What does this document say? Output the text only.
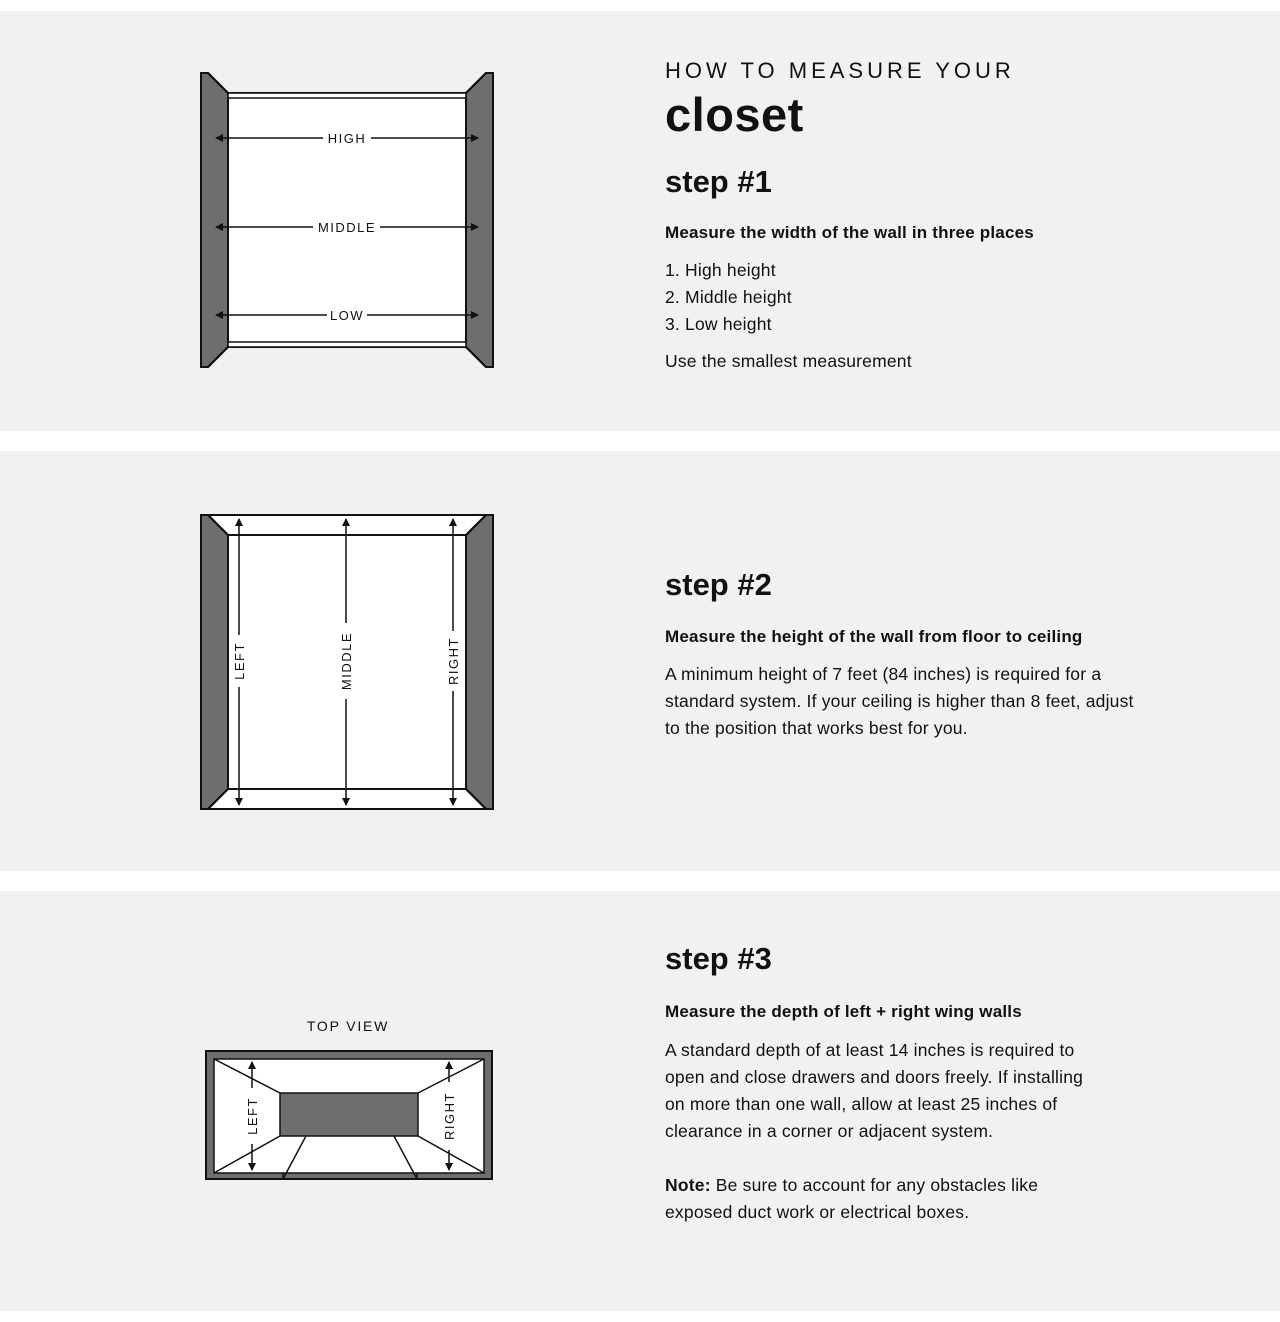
HIGH
MIDDLE
LOW
HOW TO MEASURE YOUR
closet
step #1

Measure the width of the wall in three places

1. High height
2. Middle height
3. Low height

Use the smallest measurement

LEFT	MIDDLE	RIGHT
step #2

Measure the height of the wall from floor to ceiling

A minimum height of 7 feet (84 inches) is required for a standard system. If your ceiling is higher than 8 feet, adjust to the position that works best for you.

TOP VIEW
LEFT	RIGHT
step #3

Measure the depth of left + right wing walls

A standard depth of at least 14 inches is required to open and close drawers and doors freely. If installing on more than one wall, allow at least 25 inches of clearance in a corner or adjacent system.

Note: Be sure to account for any obstacles like exposed duct work or electrical boxes.
